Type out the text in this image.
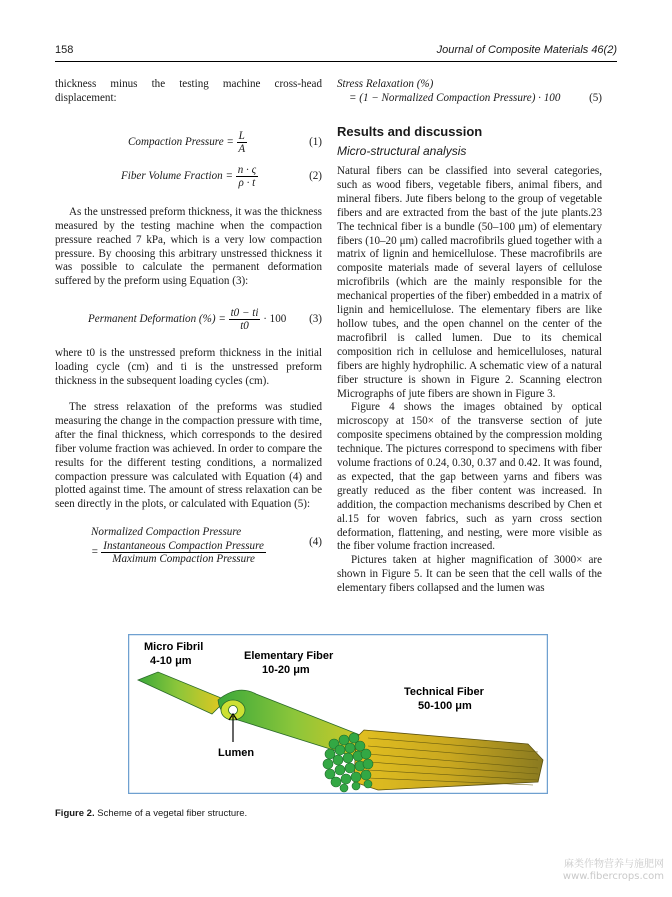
158	Journal of Composite Materials 46(2)

thickness minus the testing machine cross-head displacement:

Compaction Pressure = $\frac{L}{A}$	(1)
Fiber Volume Fraction = $\frac{n \cdot \varsigma}{\rho \cdot t}$	(2)

As the unstressed preform thickness, it was the thickness measured by the testing machine when the compaction pressure reached 7 kPa, which is a very low compaction pressure. By choosing this arbitrary unstressed thickness it was possible to calculate the permanent deformation suffered by the preform using Equation (3):

Permanent Deformation (%) = $\frac{t0 - ti}{t0} \cdot 100$ (3)

where t0 is the unstressed preform thickness in the initial loading cycle (cm) and ti is the unstressed preform thickness in the subsequent loading cycles (cm).

The stress relaxation of the preforms was studied measuring the change in the compaction pressure with time, after the final thickness, which corresponds to the desired fiber volume fraction was achieved. In order to compare the results for the different testing conditions, a normalized compaction pressure was calculated with Equation (4) and plotted against time. The amount of stress relaxation can be seen directly in the plots, or calculated with Equation (5):

Normalized Compaction Pressure
= $\frac{\text{Instantaneous Compaction Pressure}}{\text{Maximum Compaction Pressure}}$	(4)
Stress Relaxation (%)
= (1 − Normalized Compaction Pressure) · 100	(5)
Results and discussion
Micro-structural analysis

Natural fibers can be classified into several categories, such as wood fibers, vegetable fibers, animal fibers, and mineral fibers. Jute fibers belong to the group of vegetable fibers and are extracted from the bast of the jute plants.23 The technical fiber is a bundle (50–100 μm) of elementary fibers (10–20 μm) called macrofibrils glued together with a matrix of lignin and hemicellulose. These macrofibrils are composite materials made of several layers of cellulose microfibrils (which are the mainly responsible for the mechanical properties of the fiber) embedded in a matrix of lignin and hemicellulose. The elementary fibers are like hollow tubes, and the open channel on the center of the macrofibril is called lumen. Due to its chemical composition rich in cellulose and hemicelluloses, natural fibers are highly hydrophilic. A schematic view of a natural fiber structure is shown in Figure 2. Scanning electron Micrographs of jute fibers are shown in Figure 3.

Figure 4 shows the images obtained by optical microscopy at 150× of the transverse section of jute composite specimens obtained by the compression molding technique. The pictures correspond to specimens with fiber volume fractions of 0.24, 0.30, 0.37 and 0.42. It was found, as expected, that the gap between yarns and fibers was greatly reduced as the fiber content was increased. In addition, the compaction mechanisms described by Chen et al.15 for woven fabrics, such as yarn cross section deformation, flattening, and nesting, were more visible as the fiber volume fraction increased.

Pictures taken at higher magnification of 3000× are shown in Figure 5. It can be seen that the cell walls of the elementary fibers collapsed and the lumen was

Micro Fibril
4-10 μm	Elementary Fiber
10-20 μm
Technical Fiber
50-100 μm
Lumen
Figure 2. Scheme of a vegetal fiber structure.
麻类作物营养与施肥网
www.fibercrops.com
